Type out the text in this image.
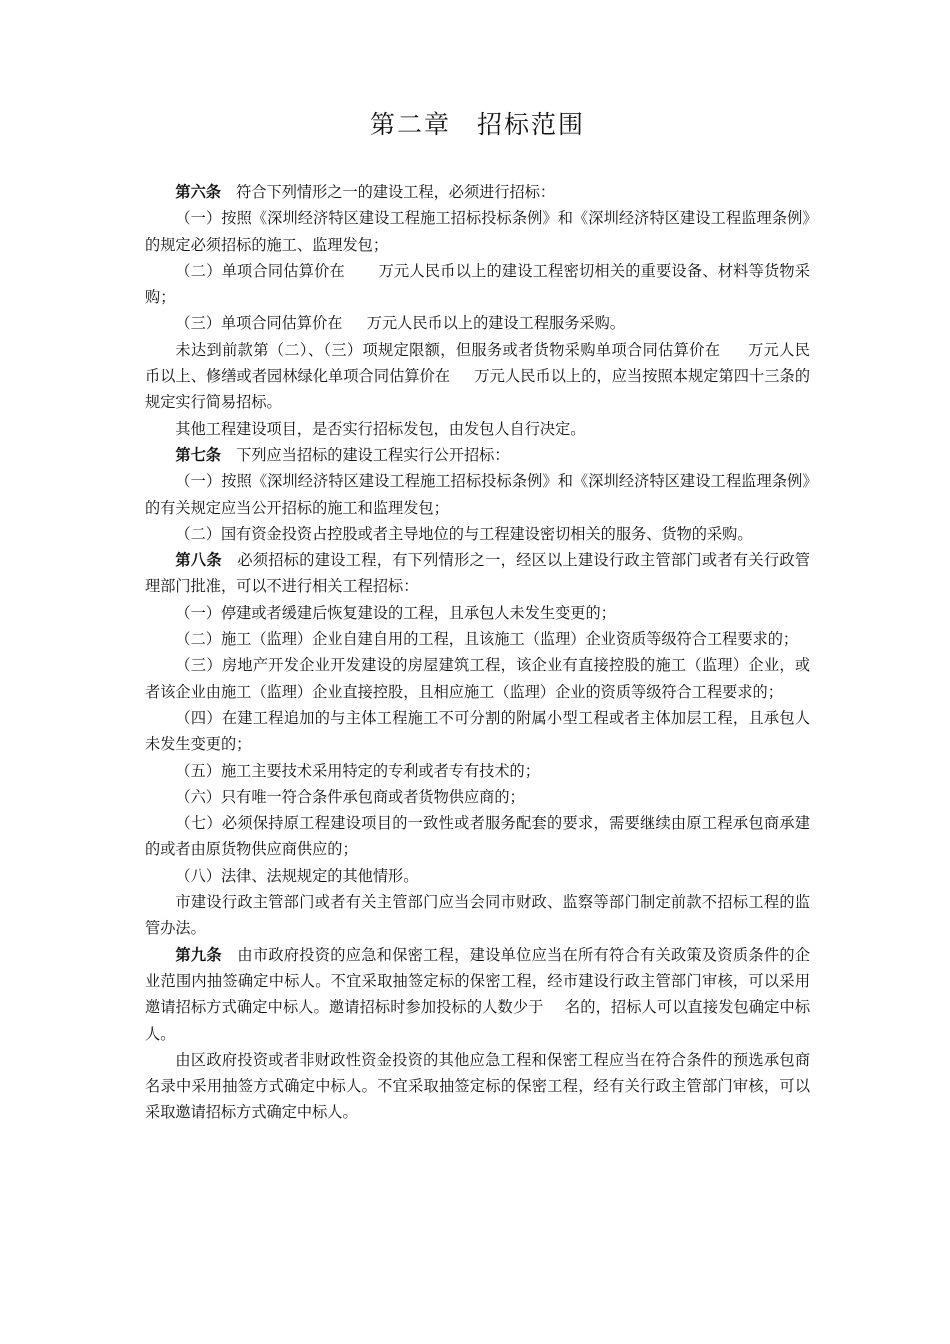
第二章 招标范围

第六条 符合下列情形之一的建设工程，必须进行招标：

（一）按照《深圳经济特区建设工程施工招标投标条例》和《深圳经济特区建设工程监理条例》的规定必须招标的施工、监理发包；

（二）单项合同估算价在 万元人民币以上的建设工程密切相关的重要设备、材料等货物采购；

（三）单项合同估算价在 万元人民币以上的建设工程服务采购。

未达到前款第（二）、（三）项规定限额，但服务或者货物采购单项合同估算价在 万元人民币以上、修缮或者园林绿化单项合同估算价在 万元人民币以上的，应当按照本规定第四十三条的规定实行简易招标。

其他工程建设项目，是否实行招标发包，由发包人自行决定。

第七条 下列应当招标的建设工程实行公开招标：

（一）按照《深圳经济特区建设工程施工招标投标条例》和《深圳经济特区建设工程监理条例》的有关规定应当公开招标的施工和监理发包；

（二）国有资金投资占控股或者主导地位的与工程建设密切相关的服务、货物的采购。

第八条 必须招标的建设工程，有下列情形之一，经区以上建设行政主管部门或者有关行政管理部门批准，可以不进行相关工程招标：

（一）停建或者缓建后恢复建设的工程，且承包人未发生变更的；

（二）施工（监理）企业自建自用的工程，且该施工（监理）企业资质等级符合工程要求的；

（三）房地产开发企业开发建设的房屋建筑工程，该企业有直接控股的施工（监理）企业，或者该企业由施工（监理）企业直接控股，且相应施工（监理）企业的资质等级符合工程要求的；

（四）在建工程追加的与主体工程施工不可分割的附属小型工程或者主体加层工程，且承包人未发生变更的；

（五）施工主要技术采用特定的专利或者专有技术的；

（六）只有唯一符合条件承包商或者货物供应商的；

（七）必须保持原工程建设项目的一致性或者服务配套的要求，需要继续由原工程承包商承建的或者由原货物供应商供应的；

（八）法律、法规规定的其他情形。

市建设行政主管部门或者有关主管部门应当会同市财政、监察等部门制定前款不招标工程的监管办法。

第九条 由市政府投资的应急和保密工程，建设单位应当在所有符合有关政策及资质条件的企业范围内抽签确定中标人。不宜采取抽签定标的保密工程，经市建设行政主管部门审核，可以采用邀请招标方式确定中标人。邀请招标时参加投标的人数少于 名的，招标人可以直接发包确定中标人。

由区政府投资或者非财政性资金投资的其他应急工程和保密工程应当在符合条件的预选承包商名录中采用抽签方式确定中标人。不宜采取抽签定标的保密工程，经有关行政主管部门审核，可以采取邀请招标方式确定中标人。
